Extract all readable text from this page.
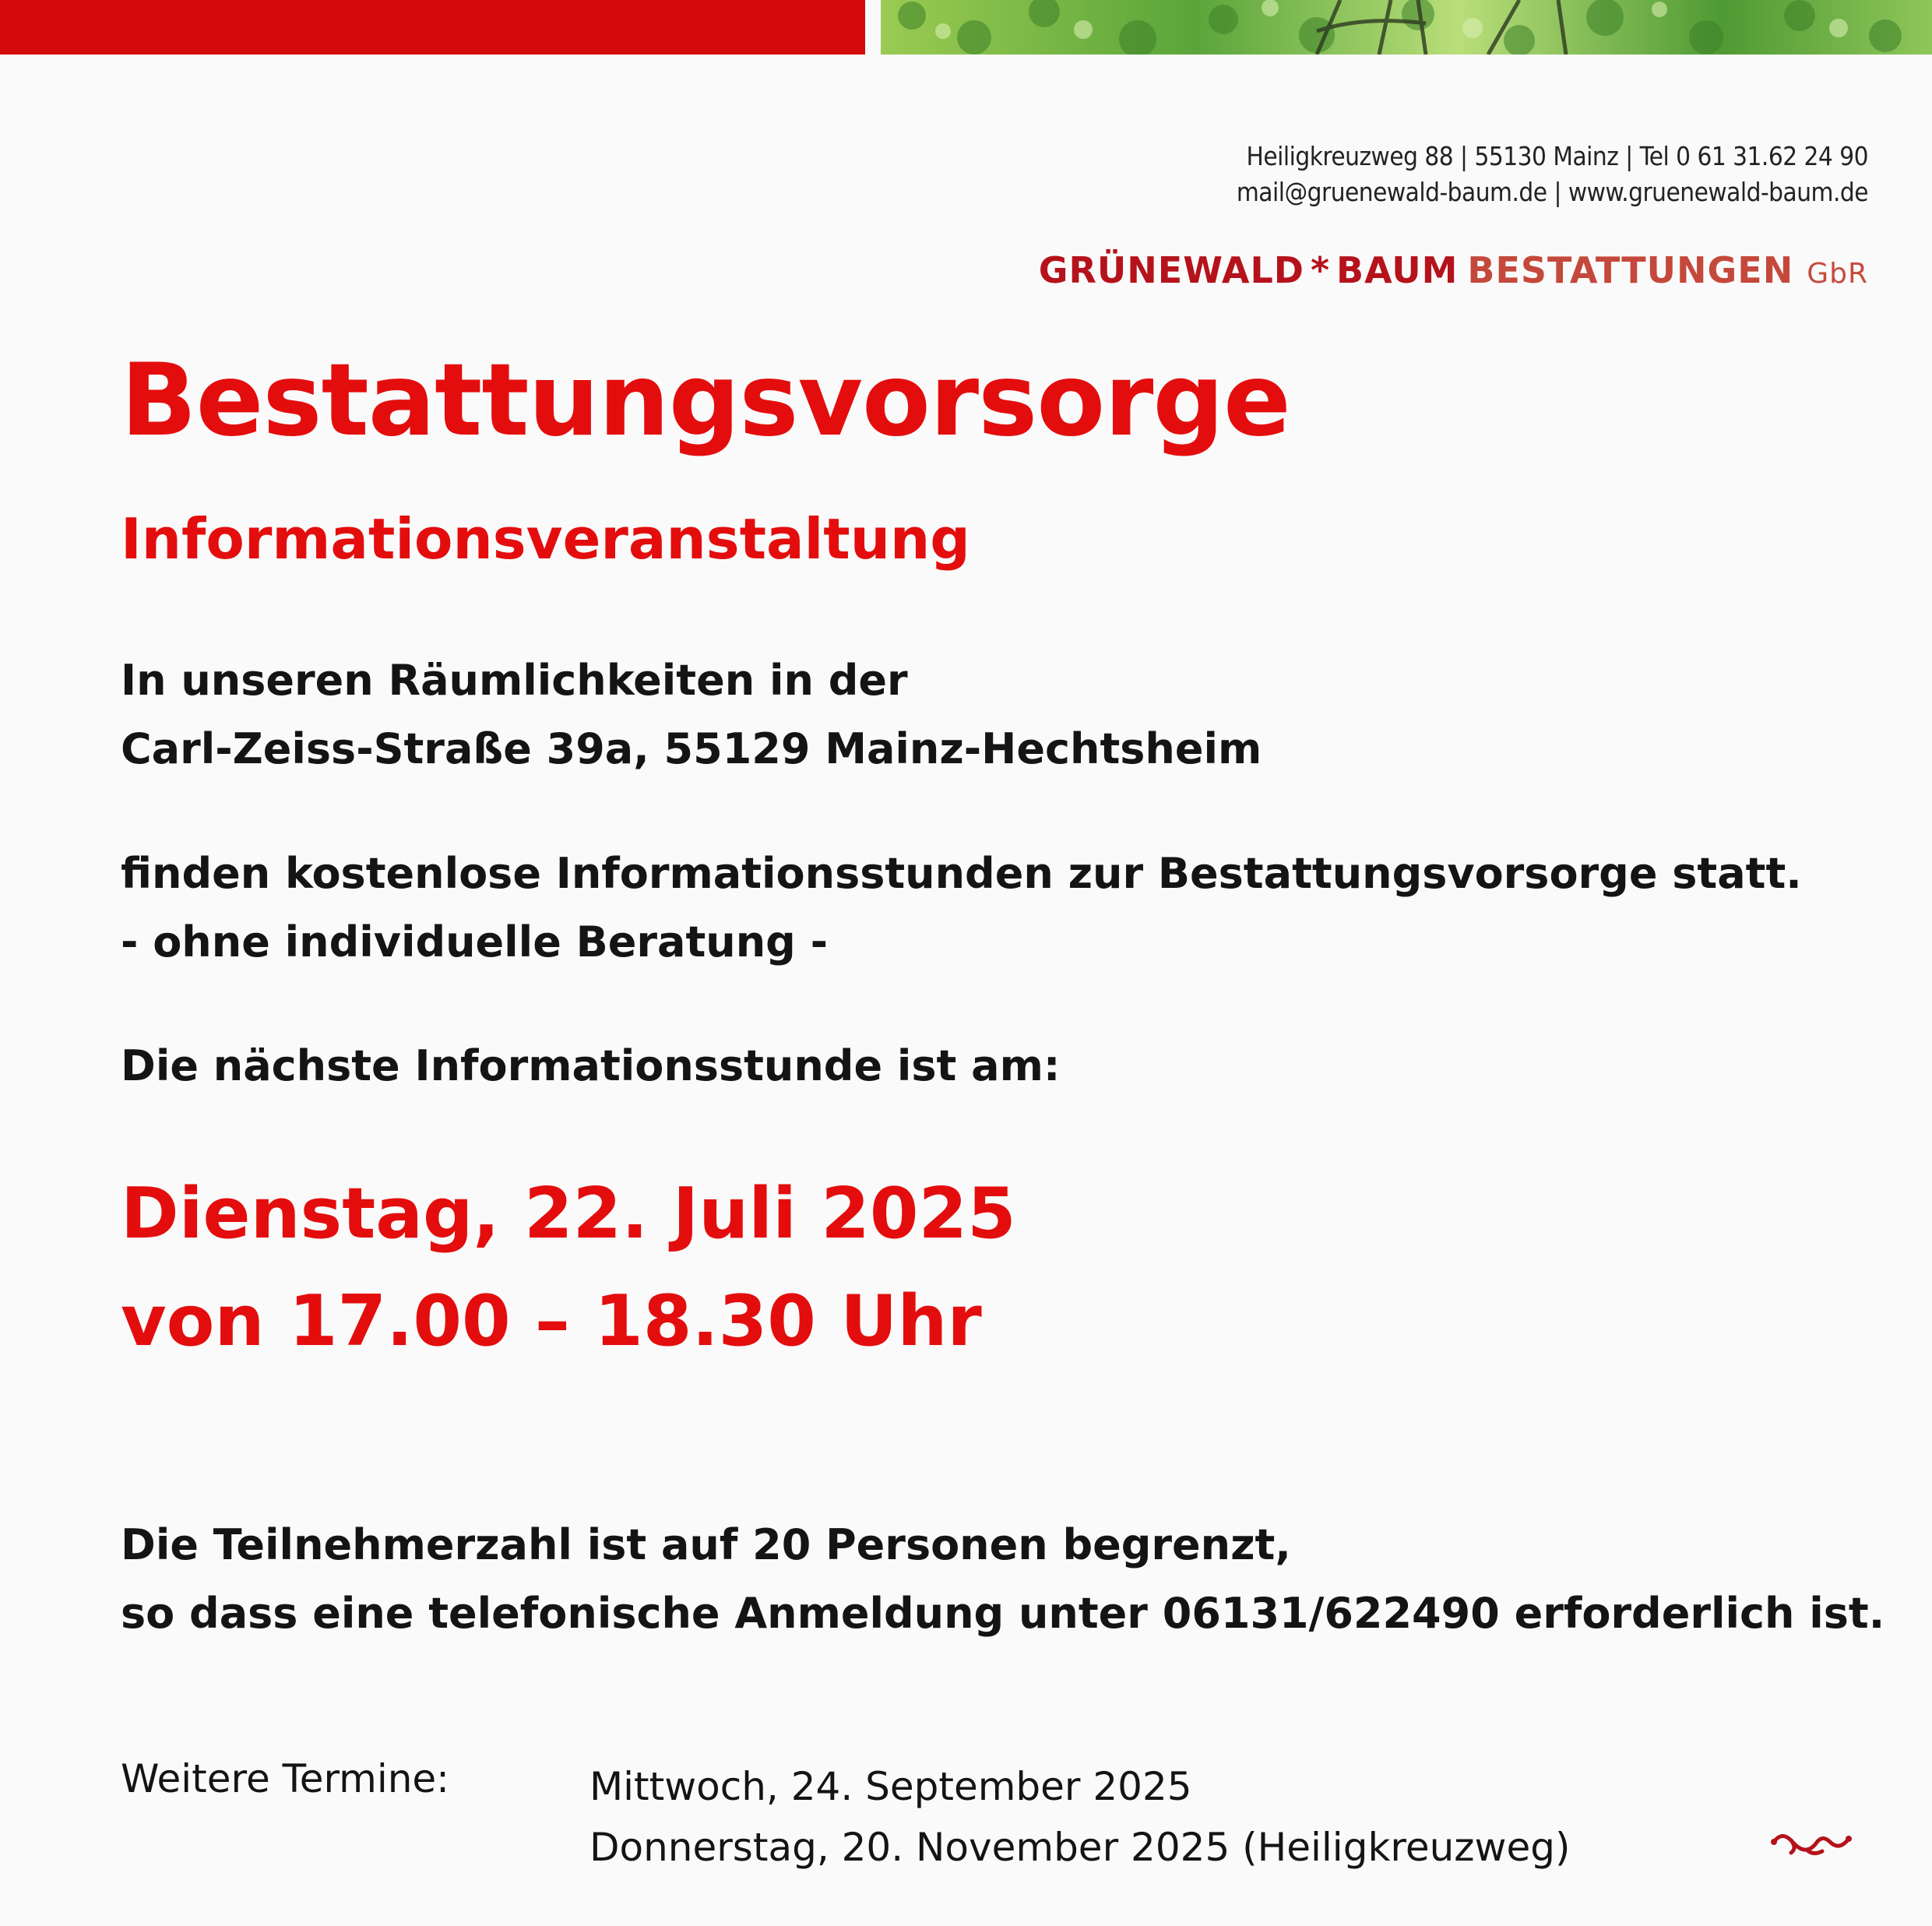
Heiligkreuzweg 88 | 55130 Mainz | Tel 0 61 31.62 24 90
mail@gruenewald-baum.de | www.gruenewald-baum.de
GRÜNEWALD * BAUM BESTATTUNGEN GbR
Bestattungsvorsorge
Informationsveranstaltung
In unseren Räumlichkeiten in der
Carl-Zeiss-Straße 39a, 55129 Mainz-Hechtsheim
finden kostenlose Informationsstunden zur Bestattungsvorsorge statt.
- ohne individuelle Beratung -
Die nächste Informationsstunde ist am:
Dienstag, 22. Juli 2025
von 17.00 – 18.30 Uhr
Die Teilnehmerzahl ist auf 20 Personen begrenzt,
so dass eine telefonische Anmeldung unter 06131/622490 erforderlich ist.
Weitere Termine:	Mittwoch, 24. September 2025
Donnerstag, 20. November 2025 (Heiligkreuzweg)
